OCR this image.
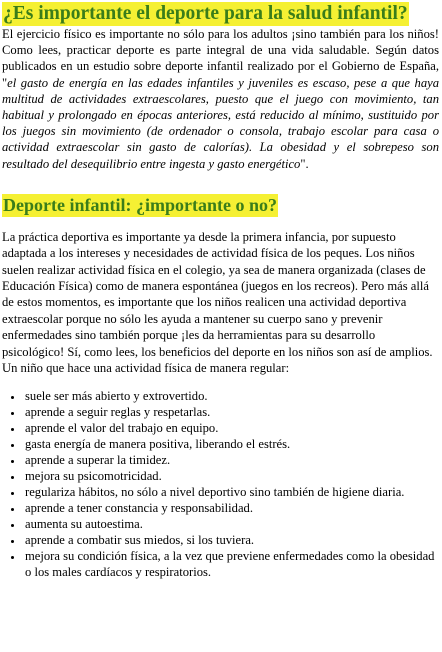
¿Es importante el deporte para la salud infantil?

El ejercicio físico es importante no sólo para los adultos ¡sino también para los niños! Como lees, practicar deporte es parte integral de una vida saludable. Según datos publicados en un estudio sobre deporte infantil realizado por el Gobierno de España, "el gasto de energía en las edades infantiles y juveniles es escaso, pese a que haya multitud de actividades extraescolares, puesto que el juego con movimiento, tan habitual y prolongado en épocas anteriores, está reducido al mínimo, sustituido por los juegos sin movimiento (de ordenador o consola, trabajo escolar para casa o actividad extraescolar sin gasto de calorías). La obesidad y el sobrepeso son resultado del desequilibrio entre ingesta y gasto energético".

Deporte infantil: ¿importante o no?

La práctica deportiva es importante ya desde la primera infancia, por supuesto adaptada a los intereses y necesidades de actividad física de los peques. Los niños suelen realizar actividad física en el colegio, ya sea de manera organizada (clases de Educación Física) como de manera espontánea (juegos en los recreos). Pero más allá de estos momentos, es importante que los niños realicen una actividad deportiva extraescolar porque no sólo les ayuda a mantener su cuerpo sano y prevenir enfermedades sino también porque ¡les da herramientas para su desarrollo psicológico! Sí, como lees, los beneficios del deporte en los niños son así de amplios. Un niño que hace una actividad física de manera regular:

• suele ser más abierto y extrovertido.
• aprende a seguir reglas y respetarlas.
• aprende el valor del trabajo en equipo.
• gasta energía de manera positiva, liberando el estrés.
• aprende a superar la timidez.
• mejora su psicomotricidad.
• regulariza hábitos, no sólo a nivel deportivo sino también de higiene diaria.
• aprende a tener constancia y responsabilidad.
• aumenta su autoestima.
• aprende a combatir sus miedos, si los tuviera.
• mejora su condición física, a la vez que previene enfermedades como la obesidad o los males cardíacos y respiratorios.
